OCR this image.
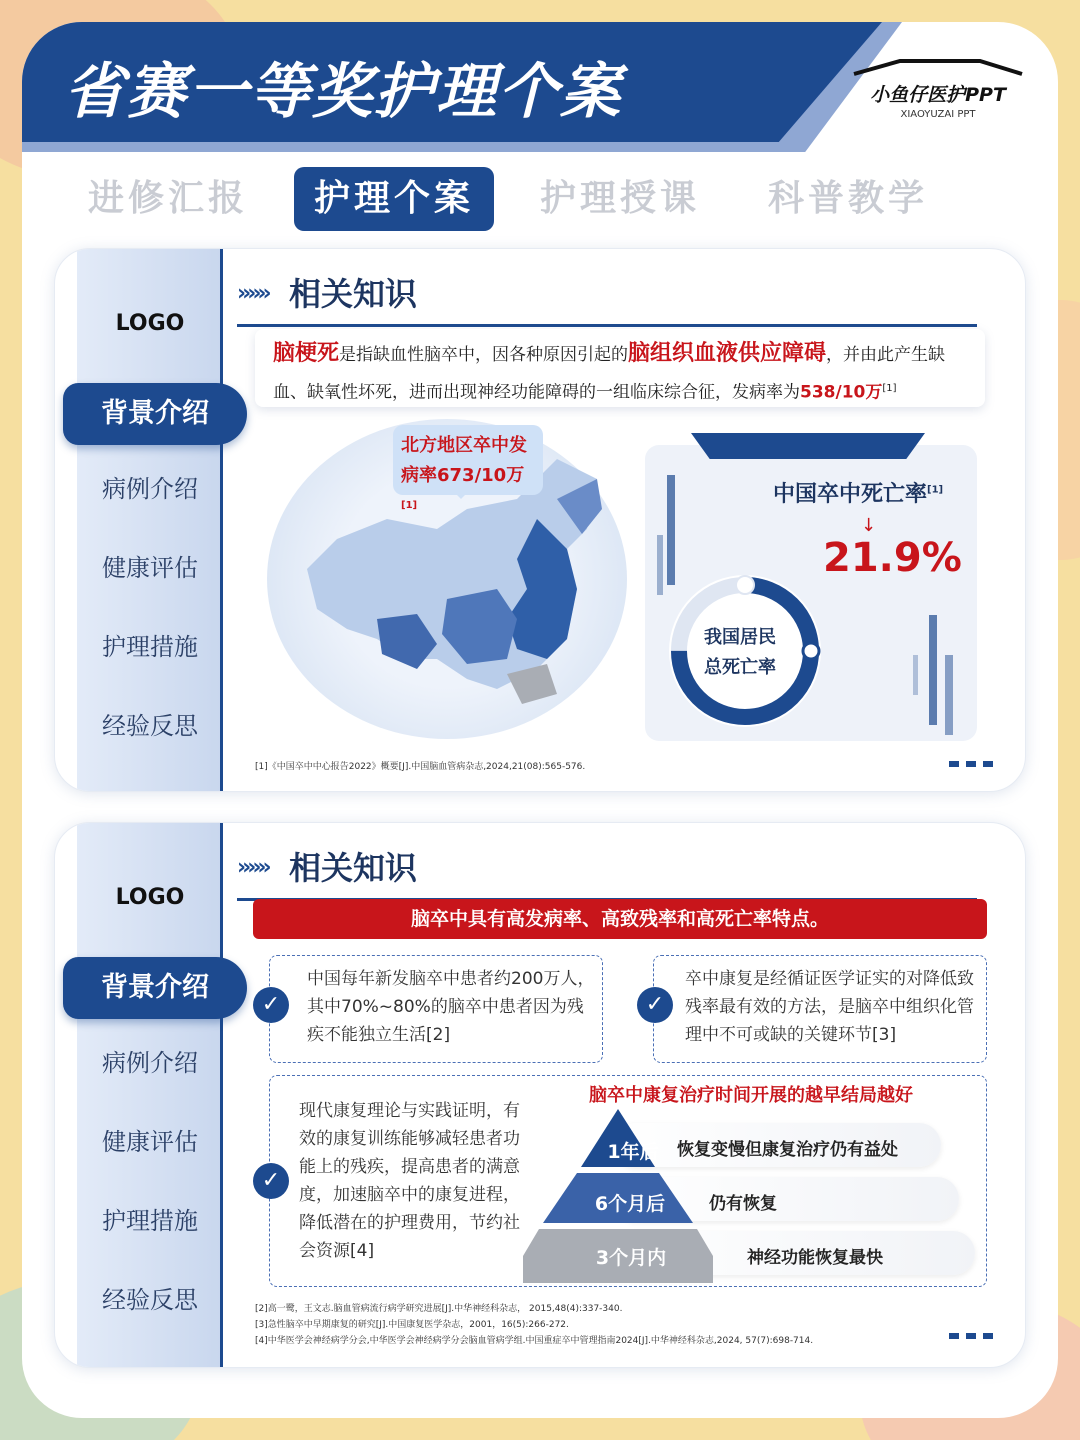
省赛一等奖护理个案	小鱼仔医护PPT
XIAOYUZAI PPT
进修汇报	护理个案	护理授课	科普教学
LOGO
背景介绍
病例介绍
健康评估
护理措施
经验反思
»»» 相关知识
脑梗死是指缺血性脑卒中，因各种原因引起的脑组织血液供应障碍，并由此产生缺血、缺氧性坏死，进而出现神经功能障碍的一组临床综合征，发病率为538/10万[1]
北方地区卒中发
病率673/10万[1]	中国卒中死亡率[1]
↓
21.9%
我国居民
总死亡率
[1]《中国卒中中心报告2022》概要[J].中国脑血管病杂志,2024,21(08):565-576.
LOGO
背景介绍
病例介绍
健康评估
护理措施
经验反思
»»» 相关知识
脑卒中具有高发病率、高致残率和高死亡率特点。
✓
中国每年新发脑卒中患者约200万人，其中70%~80%的脑卒中患者因为残疾不能独立生活[2]
✓
卒中康复是经循证医学证实的对降低致残率最有效的方法，是脑卒中组织化管理中不可或缺的关键环节[3]
✓
现代康复理论与实践证明，有效的康复训练能够减轻患者功能上的残疾，提高患者的满意度，加速脑卒中的康复进程，降低潜在的护理费用，节约社会资源[4]
脑卒中康复治疗时间开展的越早结局越好
1年后
6个月后
3个月内
恢复变慢但康复治疗仍有益处
仍有恢复
神经功能恢复最快
[2]高一鹭，王文志.脑血管病流行病学研究进展[J].中华神经科杂志， 2015,48(4):337-340.
[3]急性脑卒中早期康复的研究[J].中国康复医学杂志，2001，16(5):266-272.
[4]中华医学会神经病学分会,中华医学会神经病学分会脑血管病学组.中国重症卒中管理指南2024[J].中华神经科杂志,2024, 57(7):698-714.
